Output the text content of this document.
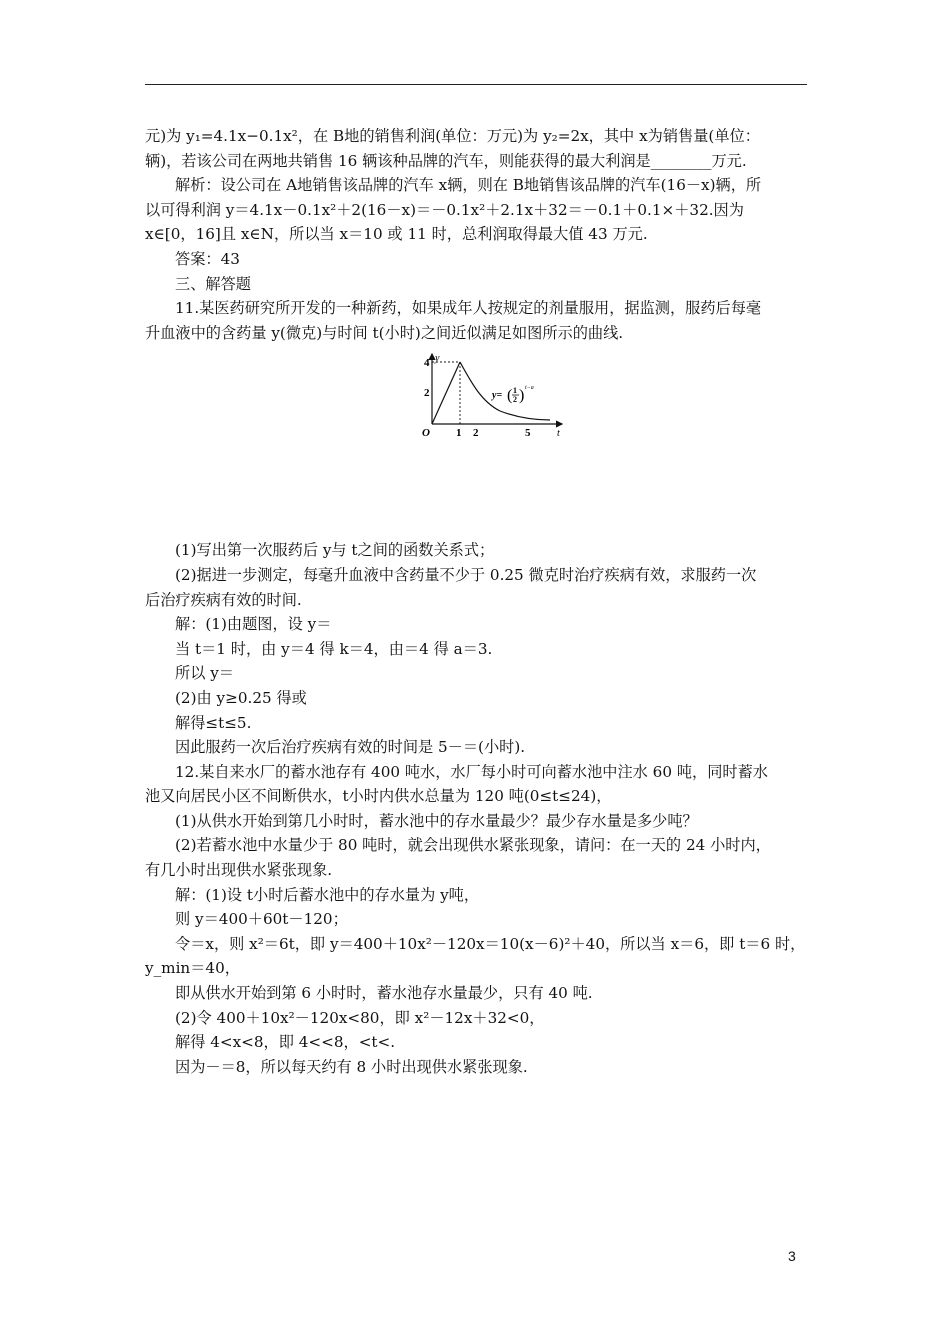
元)为 y₁=4.1x−0.1x²，在 B地的销售利润(单位：万元)为 y₂=2x，其中 x为销售量(单位：

辆)，若该公司在两地共销售 16 辆该种品牌的汽车，则能获得的最大利润是________万元.

解析：设公司在 A地销售该品牌的汽车 x辆，则在 B地销售该品牌的汽车(16－x)辆，所

以可得利润 y＝4.1x－0.1x²＋2(16－x)＝－0.1x²＋2.1x＋32＝－0.1＋0.1×＋32.因为

x∈[0，16]且 x∈N，所以当 x＝10 或 11 时，总利润取得最大值 43 万元.

答案：43

三、解答题

11.某医药研究所开发的一种新药，如果成年人按规定的剂量服用，据监测，服药后每毫

升血液中的含药量 y(微克)与时间 t(小时)之间近似满足如图所示的曲线.

(1)写出第一次服药后 y与 t之间的函数关系式；

(2)据进一步测定，每毫升血液中含药量不少于 0.25 微克时治疗疾病有效，求服药一次

后治疗疾病有效的时间.

解：(1)由题图，设 y＝

当 t＝1 时，由 y＝4 得 k＝4，由＝4 得 a＝3.

所以 y＝

(2)由 y≥0.25 得或

解得≤t≤5.

因此服药一次后治疗疾病有效的时间是 5－＝(小时).

12.某自来水厂的蓄水池存有 400 吨水，水厂每小时可向蓄水池中注水 60 吨，同时蓄水

池又向居民小区不间断供水，t小时内供水总量为 120 吨(0≤t≤24)，

(1)从供水开始到第几小时时，蓄水池中的存水量最少？最少存水量是多少吨？

(2)若蓄水池中水量少于 80 吨时，就会出现供水紧张现象，请问：在一天的 24 小时内，

有几小时出现供水紧张现象.

解：(1)设 t小时后蓄水池中的存水量为 y吨，

则 y＝400＋60t－120；

令＝x，则 x²＝6t，即 y＝400＋10x²－120x＝10(x－6)²＋40，所以当 x＝6，即 t＝6 时，

y_min＝40，

即从供水开始到第 6 小时时，蓄水池存水量最少，只有 40 吨.

(2)令 400＋10x²－120x<80，即 x²－12x＋32<0，

解得 4<x<8，即 4<<8，<t<.

因为－＝8，所以每天约有 8 小时出现供水紧张现象.

y
t
O
4
2
1 2	5
y= ( 1
2 ) t−a
3
